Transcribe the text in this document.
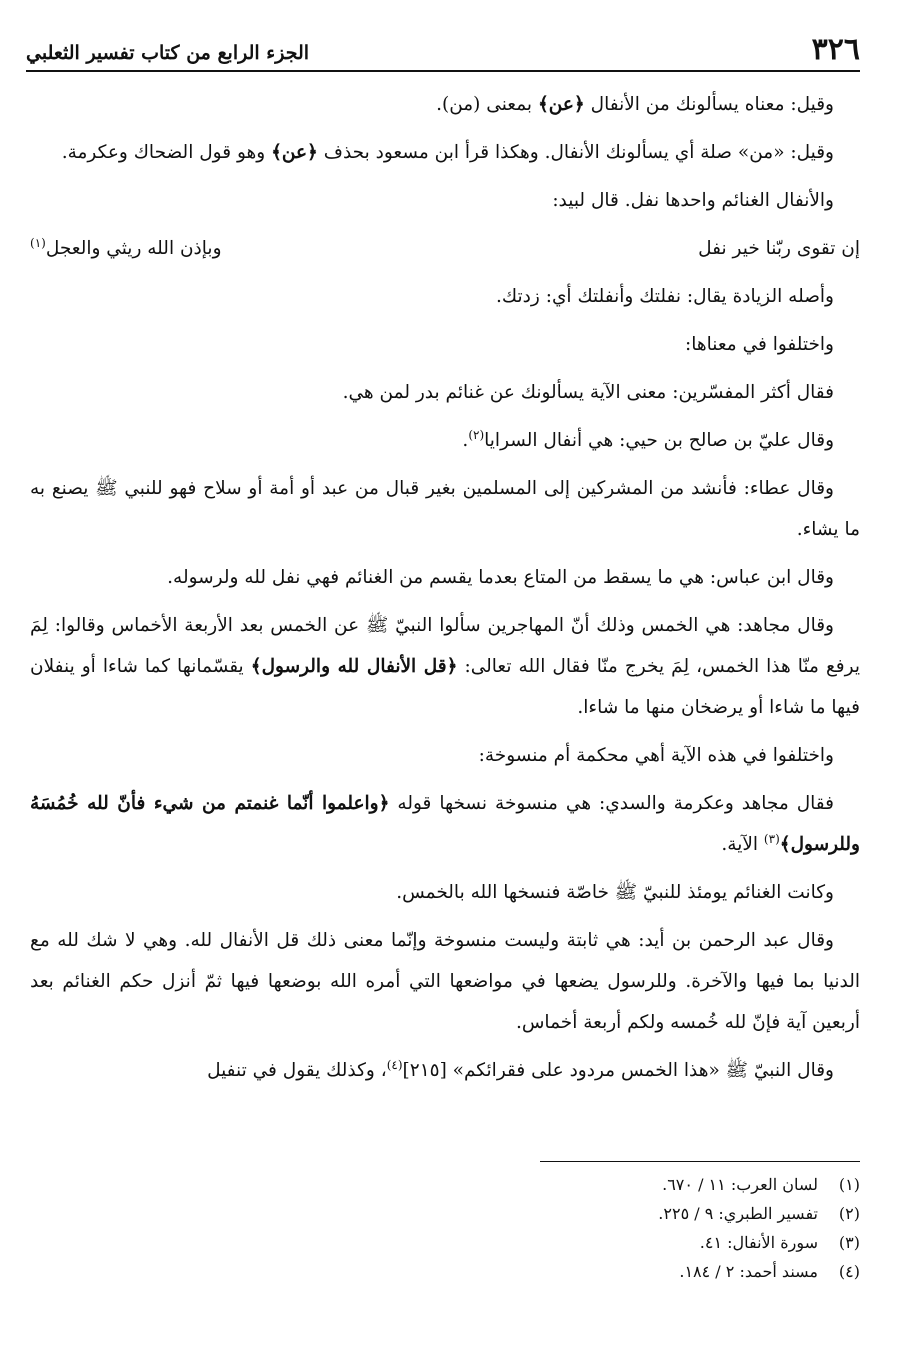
٣٢٦
الجزء الرابع من كتاب تفسير الثعلبي

وقيل: معناه يسألونك من الأنفال ﴿عن﴾ بمعنى (من).

وقيل: «من» صلة أي يسألونك الأنفال. وهكذا قرأ ابن مسعود بحذف ﴿عن﴾ وهو قول الضحاك وعكرمة.

والأنفال الغنائم واحدها نفل. قال لبيد:

إن تقوى ربّنا خير نفل
وبإذن الله ريثي والعجل$^{(١)}$

وأصله الزيادة يقال: نفلتك وأنفلتك أي: زدتك.

واختلفوا في معناها:

فقال أكثر المفسّرين: معنى الآية يسألونك عن غنائم بدر لمن هي.

وقال عليّ بن صالح بن حيي: هي أنفال السرايا$^{(٢)}$.

وقال عطاء: فأنشد من المشركين إلى المسلمين بغير قبال من عبد أو أمة أو سلاح فهو للنبي ﷺ يصنع به ما يشاء.

وقال ابن عباس: هي ما يسقط من المتاع بعدما يقسم من الغنائم فهي نفل لله ولرسوله.

وقال مجاهد: هي الخمس وذلك أنّ المهاجرين سألوا النبيّ ﷺ عن الخمس بعد الأربعة الأخماس وقالوا: لِمَ يرفع منّا هذا الخمس، لِمَ يخرج منّا فقال الله تعالى: ﴿قل الأنفال لله والرسول﴾ يقسّمانها كما شاءا أو ينفلان فيها ما شاءا أو يرضخان منها ما شاءا.

واختلفوا في هذه الآية أهي محكمة أم منسوخة:

فقال مجاهد وعكرمة والسدي: هي منسوخة نسخها قوله ﴿واعلموا أنّما غنمتم من شيء فأنّ لله خُمُسَهُ وللرسول﴾$^{(٣)}$ الآية.

وكانت الغنائم يومئذ للنبيّ ﷺ خاصّة فنسخها الله بالخمس.

وقال عبد الرحمن بن أيد: هي ثابتة وليست منسوخة وإنّما معنى ذلك قل الأنفال لله. وهي لا شك لله مع الدنيا بما فيها والآخرة. وللرسول يضعها في مواضعها التي أمره الله بوضعها فيها ثمّ أنزل حكم الغنائم بعد أربعين آية فإنّ لله خُمسه ولكم أربعة أخماس.

وقال النبيّ ﷺ «هذا الخمس مردود على فقرائكم» [٢١٥]$^{(٤)}$، وكذلك يقول في تنفيل

(١)
لسان العرب: ١١ / ٦٧٠.
(٢)
تفسير الطبري: ٩ / ٢٢٥.
(٣)
سورة الأنفال: ٤١.
(٤)
مسند أحمد: ٢ / ١٨٤.
